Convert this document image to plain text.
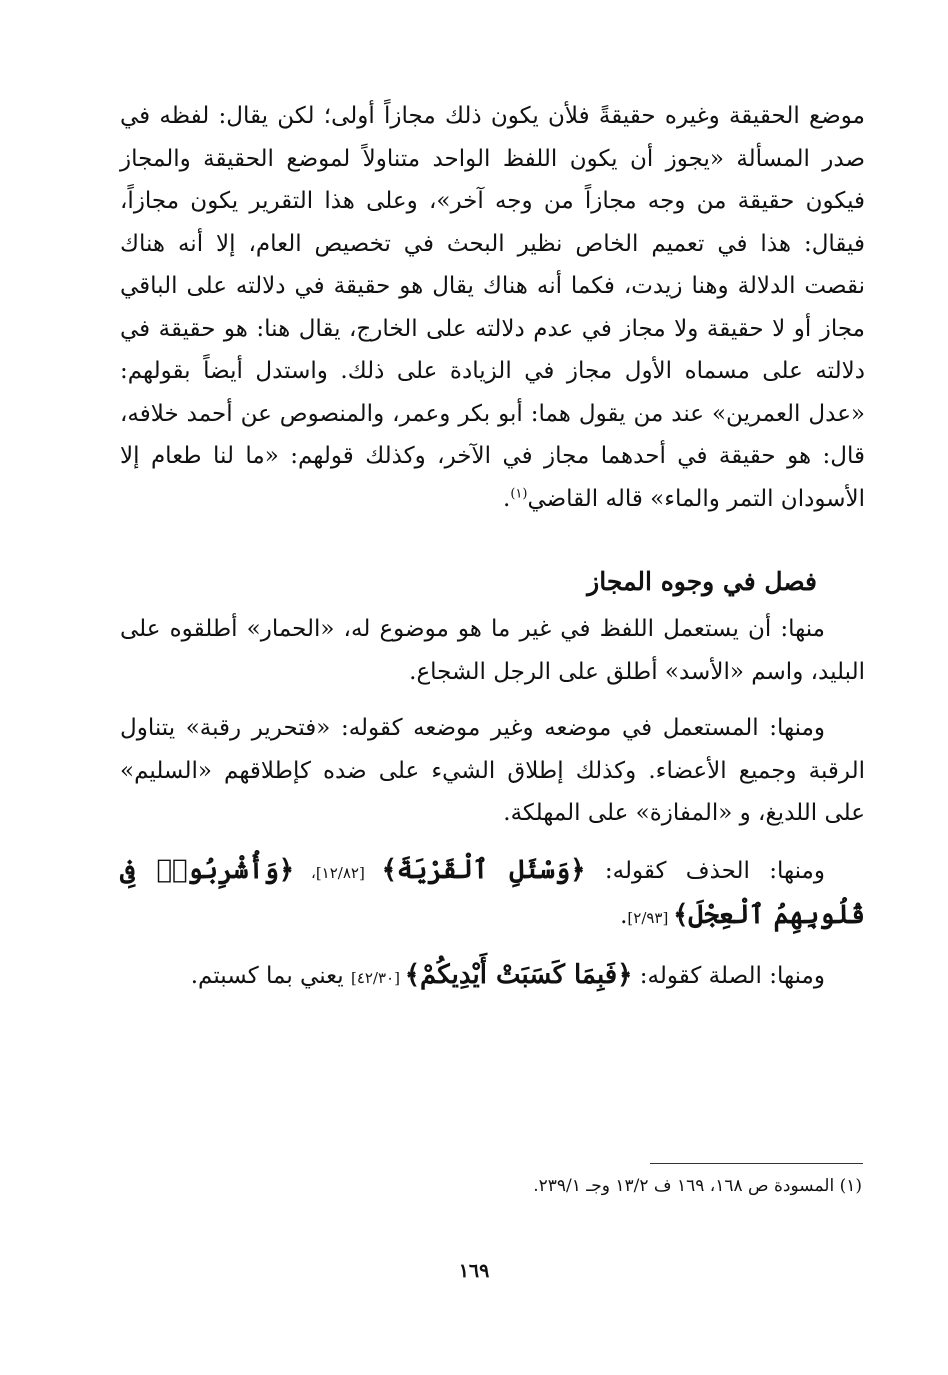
موضع الحقيقة وغيره حقيقةً فلأن يكون ذلك مجازاً أولى؛ لكن يقال: لفظه في صدر المسألة «يجوز أن يكون اللفظ الواحد متناولاً لموضع الحقيقة والمجاز فيكون حقيقة من وجه مجازاً من وجه آخر»، وعلى هذا التقرير يكون مجازاً، فيقال: هذا في تعميم الخاص نظير البحث في تخصيص العام، إلا أنه هناك نقصت الدلالة وهنا زيدت، فكما أنه هناك يقال هو حقيقة في دلالته على الباقي مجاز أو لا حقيقة ولا مجاز في عدم دلالته على الخارج، يقال هنا: هو حقيقة في دلالته على مسماه الأول مجاز في الزيادة على ذلك. واستدل أيضاً بقولهم: «عدل العمرين» عند من يقول هما: أبو بكر وعمر، والمنصوص عن أحمد خلافه، قال: هو حقيقة في أحدهما مجاز في الآخر، وكذلك قولهم: «ما لنا طعام إلا الأسودان التمر والماء» قاله القاضي$^{(١)}$.

فصل في وجوه المجاز

منها: أن يستعمل اللفظ في غير ما هو موضوع له، «الحمار» أطلقوه على البليد، واسم «الأسد» أطلق على الرجل الشجاع.

ومنها: المستعمل في موضعه وغير موضعه كقوله: «فتحرير رقبة» يتناول الرقبة وجميع الأعضاء. وكذلك إطلاق الشيء على ضده كإطلاقهم «السليم» على اللديغ، و «المفازة» على المهلكة.

ومنها: الحذف كقوله: ﴿وَسْئَلِ ٱلْقَرْيَةَ﴾ [١٢/٨٢]، ﴿وَأُشْرِبُوا۟ فِى قُلُوبِهِمُ ٱلْعِجْلَ﴾ [٢/٩٣].

ومنها: الصلة كقوله: ﴿فَبِمَا كَسَبَتْ أَيْدِيكُمْ﴾ [٤٢/٣٠] يعني بما كسبتم.

(١) المسودة ص ١٦٨، ١٦٩ ف ١٣/٢ وجـ ٢٣٩/١.
١٦٩
